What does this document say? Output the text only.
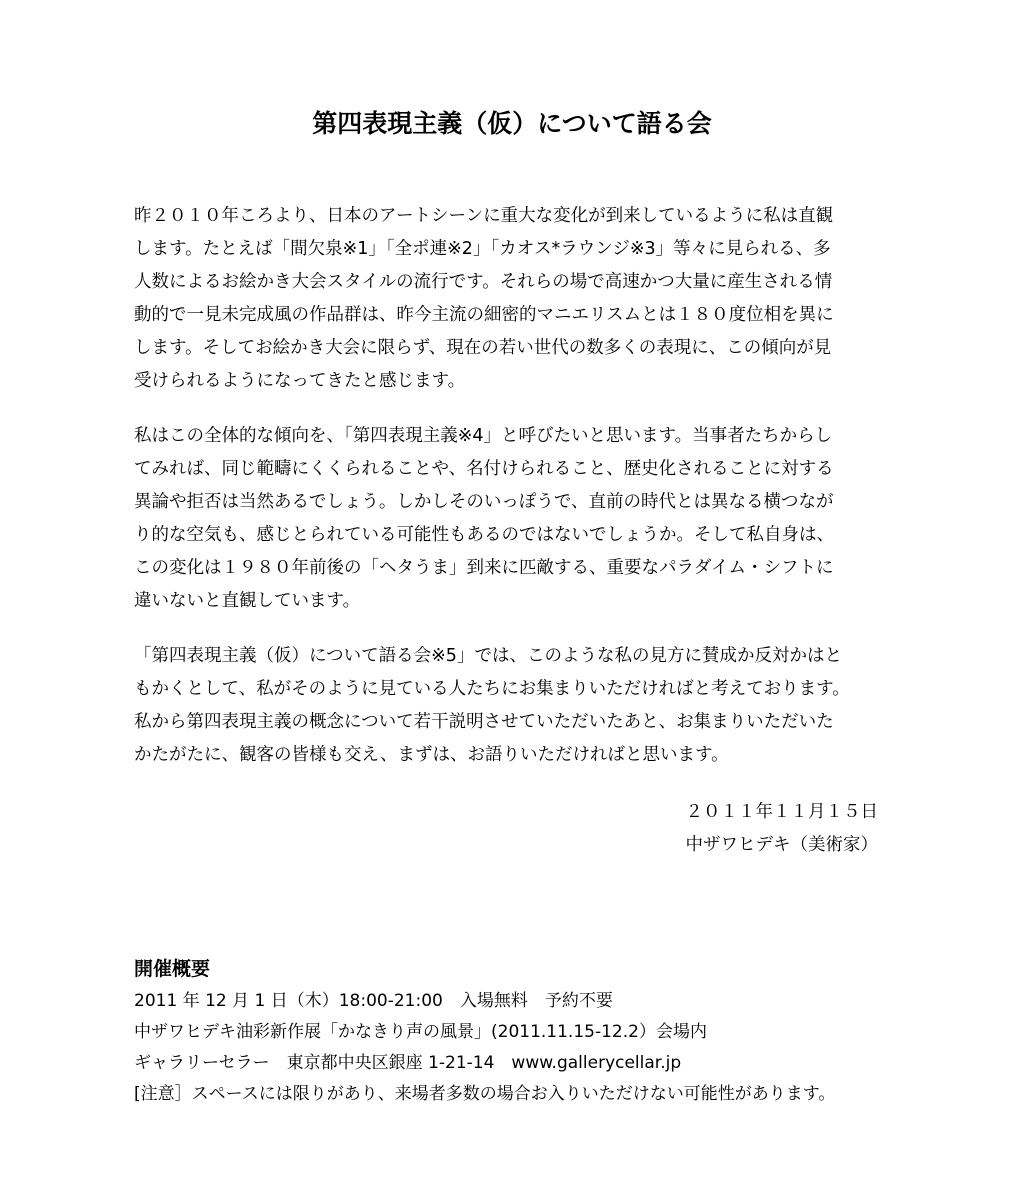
第四表現主義（仮）について語る会
昨２０１０年ころより、日本のアートシーンに重大な変化が到来しているように私は直観
します。たとえば「間欠泉※1」「全ポ連※2」「カオス*ラウンジ※3」等々に見られる、多
人数によるお絵かき大会スタイルの流行です。それらの場で高速かつ大量に産生される情
動的で一見未完成風の作品群は、昨今主流の細密的マニエリスムとは１８０度位相を異に
します。そしてお絵かき大会に限らず、現在の若い世代の数多くの表現に、この傾向が見
受けられるようになってきたと感じます。
私はこの全体的な傾向を、「第四表現主義※4」と呼びたいと思います。当事者たちからし
てみれば、同じ範疇にくくられることや、名付けられること、歴史化されることに対する
異論や拒否は当然あるでしょう。しかしそのいっぽうで、直前の時代とは異なる横つなが
り的な空気も、感じとられている可能性もあるのではないでしょうか。そして私自身は、
この変化は１９８０年前後の「ヘタうま」到来に匹敵する、重要なパラダイム・シフトに
違いないと直観しています。
「第四表現主義（仮）について語る会※5」では、このような私の見方に賛成か反対かはと
もかくとして、私がそのように見ている人たちにお集まりいただければと考えております。
私から第四表現主義の概念について若干説明させていただいたあと、お集まりいただいた
かたがたに、観客の皆様も交え、まずは、お語りいただければと思います。
２０１１年１１月１５日
中ザワヒデキ（美術家）
開催概要
2011 年 12 月 1 日（木）18:00-21:00　入場無料　予約不要
中ザワヒデキ油彩新作展「かなきり声の風景」(2011.11.15-12.2）会場内
ギャラリーセラー　東京都中央区銀座 1-21-14　www.gallerycellar.jp
[注意］スペースには限りがあり、来場者多数の場合お入りいただけない可能性があります。
